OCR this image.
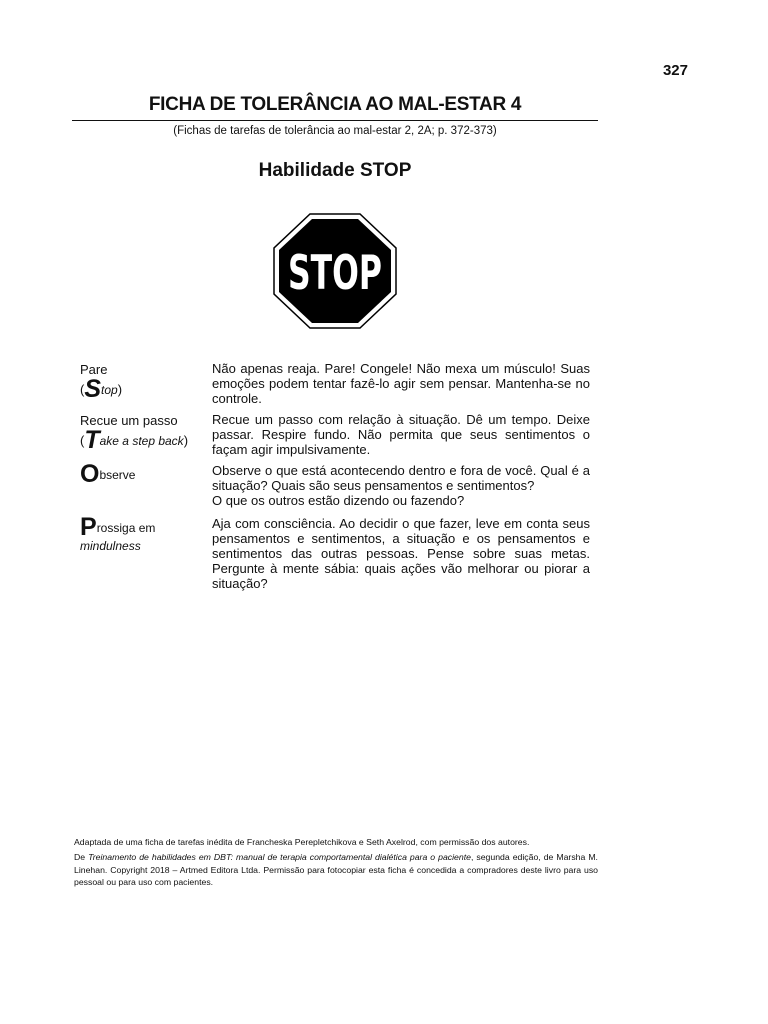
327
FICHA DE TOLERÂNCIA AO MAL-ESTAR 4
(Fichas de tarefas de tolerância ao mal-estar 2, 2A; p. 372-373)
Habilidade STOP
STOP
Pare
(Stop)
Não apenas reaja. Pare! Congele! Não mexa um músculo! Suas emoções podem tentar fazê-lo agir sem pensar. Mantenha-se no controle.
Recue um passo
(Take a step back)
Recue um passo com relação à situação. Dê um tempo. Deixe passar. Respire fundo. Não permita que seus sentimentos o façam agir impulsivamente.
Observe	Observe o que está acontecendo dentro e fora de você. Qual é a situação? Quais são seus pensamentos e sentimentos?
O que os outros estão dizendo ou fazendo?
Prossiga em
mindulness
Aja com consciência. Ao decidir o que fazer, leve em conta seus pensamentos e sentimentos, a situação e os pensamentos e sentimentos das outras pessoas. Pense sobre suas metas. Pergunte à mente sábia: quais ações vão melhorar ou piorar a situação?

Adaptada de uma ficha de tarefas inédita de Francheska Perepletchikova e Seth Axelrod, com permissão dos autores.

De Treinamento de habilidades em DBT: manual de terapia comportamental dialética para o paciente, segunda edição, de Marsha M. Linehan. Copyright 2018 – Artmed Editora Ltda. Permissão para fotocopiar esta ficha é concedida a compradores deste livro para uso pessoal ou para uso com pacientes.
